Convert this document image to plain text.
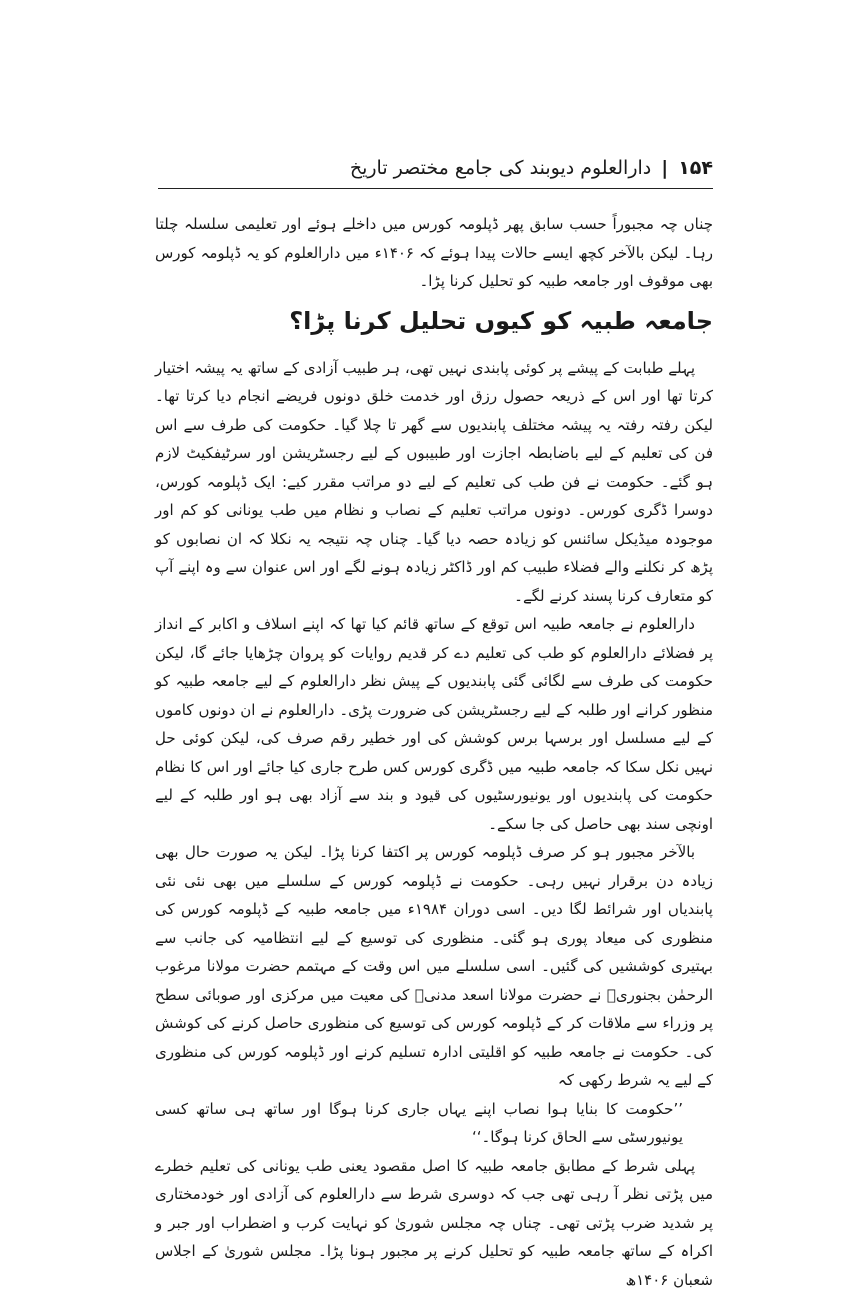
۱۵۴
|
دارالعلوم دیوبند کی جامع مختصر تاریخ

چناں چہ مجبوراً حسب سابق پھر ڈپلومہ کورس میں داخلے ہوئے اور تعلیمی سلسلہ چلتا رہا۔ لیکن بالآخر کچھ ایسے حالات پیدا ہوئے کہ ۱۴۰۶ء میں دارالعلوم کو یہ ڈپلومہ کورس بھی موقوف اور جامعہ طبیہ کو تحلیل کرنا پڑا۔

جامعہ طبیہ کو کیوں تحلیل کرنا پڑا؟

پہلے طبابت کے پیشے پر کوئی پابندی نہیں تھی، ہر طبیب آزادی کے ساتھ یہ پیشہ اختیار کرتا تھا اور اس کے ذریعہ حصول رزق اور خدمت خلق دونوں فریضے انجام دیا کرتا تھا۔ لیکن رفتہ رفتہ یہ پیشہ مختلف پابندیوں سے گھر تا چلا گیا۔ حکومت کی طرف سے اس فن کی تعلیم کے لیے باضابطہ اجازت اور طبیبوں کے لیے رجسٹریشن اور سرٹیفکیٹ لازم ہو گئے۔ حکومت نے فن طب کی تعلیم کے لیے دو مراتب مقرر کیے: ایک ڈپلومہ کورس، دوسرا ڈگری کورس۔ دونوں مراتب تعلیم کے نصاب و نظام میں طب یونانی کو کم اور موجودہ میڈیکل سائنس کو زیادہ حصہ دیا گیا۔ چناں چہ نتیجہ یہ نکلا کہ ان نصابوں کو پڑھ کر نکلنے والے فضلاء طبیب کم اور ڈاکٹر زیادہ ہونے لگے اور اس عنوان سے وہ اپنے آپ کو متعارف کرنا پسند کرنے لگے۔

دارالعلوم نے جامعہ طبیہ اس توقع کے ساتھ قائم کیا تھا کہ اپنے اسلاف و اکابر کے انداز پر فضلائے دارالعلوم کو طب کی تعلیم دے کر قدیم روایات کو پروان چڑھایا جائے گا، لیکن حکومت کی طرف سے لگائی گئی پابندیوں کے پیش نظر دارالعلوم کے لیے جامعہ طبیہ کو منظور کرانے اور طلبہ کے لیے رجسٹریشن کی ضرورت پڑی۔ دارالعلوم نے ان دونوں کاموں کے لیے مسلسل اور برسہا برس کوشش کی اور خطیر رقم صرف کی، لیکن کوئی حل نہیں نکل سکا کہ جامعہ طبیہ میں ڈگری کورس کس طرح جاری کیا جائے اور اس کا نظام حکومت کی پابندیوں اور یونیورسٹیوں کی قیود و بند سے آزاد بھی ہو اور طلبہ کے لیے اونچی سند بھی حاصل کی جا سکے۔

بالآخر مجبور ہو کر صرف ڈپلومہ کورس پر اکتفا کرنا پڑا۔ لیکن یہ صورت حال بھی زیادہ دن برقرار نہیں رہی۔ حکومت نے ڈپلومہ کورس کے سلسلے میں بھی نئی نئی پابندیاں اور شرائط لگا دیں۔ اسی دوران ۱۹۸۴ء میں جامعہ طبیہ کے ڈپلومہ کورس کی منظوری کی میعاد پوری ہو گئی۔ منظوری کی توسیع کے لیے انتظامیہ کی جانب سے بہتیری کوششیں کی گئیں۔ اسی سلسلے میں اس وقت کے مہتمم حضرت مولانا مرغوب الرحمٰن بجنوریؒ نے حضرت مولانا اسعد مدنیؒ کی معیت میں مرکزی اور صوبائی سطح پر وزراء سے ملاقات کر کے ڈپلومہ کورس کی توسیع کی منظوری حاصل کرنے کی کوشش کی۔ حکومت نے جامعہ طبیہ کو اقلیتی ادارہ تسلیم کرنے اور ڈپلومہ کورس کی منظوری کے لیے یہ شرط رکھی کہ

’’حکومت کا بنایا ہوا نصاب اپنے یہاں جاری کرنا ہوگا اور ساتھ ہی ساتھ کسی یونیورسٹی سے الحاق کرنا ہوگا۔‘‘

پہلی شرط کے مطابق جامعہ طبیہ کا اصل مقصود یعنی طب یونانی کی تعلیم خطرے میں پڑتی نظر آ رہی تھی جب کہ دوسری شرط سے دارالعلوم کی آزادی اور خودمختاری پر شدید ضرب پڑتی تھی۔ چناں چہ مجلس شوریٰ کو نہایت کرب و اضطراب اور جبر و اکراہ کے ساتھ جامعہ طبیہ کو تحلیل کرنے پر مجبور ہونا پڑا۔ مجلس شوریٰ کے اجلاس شعبان ۱۴۰۶ھ
